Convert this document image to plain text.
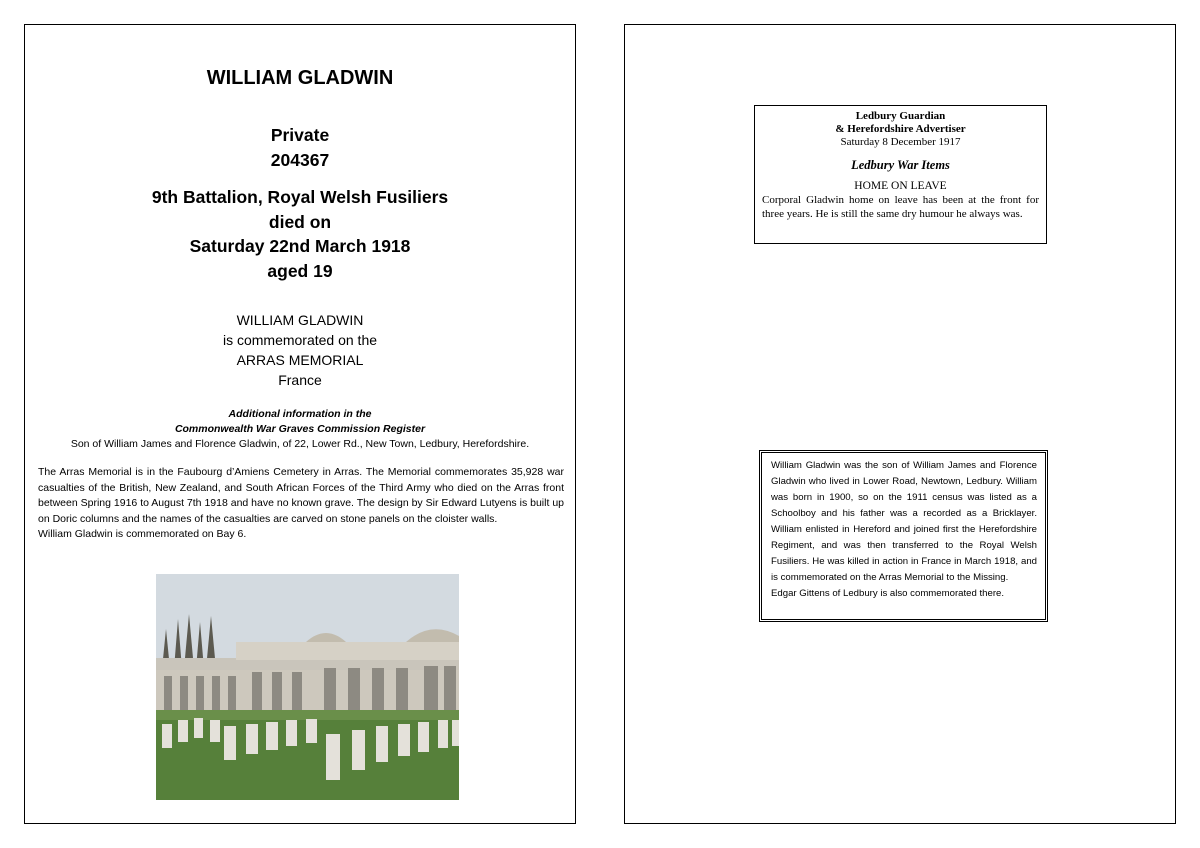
WILLIAM GLADWIN
Private
204367
9th Battalion, Royal Welsh Fusiliers
died on
Saturday 22nd March 1918
aged 19
WILLIAM GLADWIN
is commemorated on the
ARRAS MEMORIAL
France
Additional information in the
Commonwealth War Graves Commission Register
Son of William James and Florence Gladwin, of 22, Lower Rd., New Town, Ledbury, Herefordshire.
The Arras Memorial is in the Faubourg d’Amiens Cemetery in Arras. The Memorial commemorates 35,928 war casualties of the British, New Zealand, and South African Forces of the Third Army who died on the Arras front between Spring 1916 to August 7th 1918 and have no known grave. The design by Sir Edward Lutyens is built up on Doric columns and the names of the casualties are carved on stone panels on the cloister walls.
William Gladwin is commemorated on Bay 6.
Ledbury Guardian
& Herefordshire Advertiser
Saturday 8 December 1917
Ledbury War Items
HOME ON LEAVE
Corporal Gladwin home on leave has been at the front for three years. He is still the same dry humour he always was.
William Gladwin was the son of William James and Florence Gladwin who lived in Lower Road, Newtown, Ledbury. William was born in 1900, so on the 1911 census was listed as a Schoolboy and his father was a recorded as a Bricklayer. William enlisted in Hereford and joined first the Herefordshire Regiment, and was then transferred to the Royal Welsh Fusiliers. He was killed in action in France in March 1918, and is commemorated on the Arras Memorial to the Missing.
Edgar Gittens of Ledbury is also commemorated there.
